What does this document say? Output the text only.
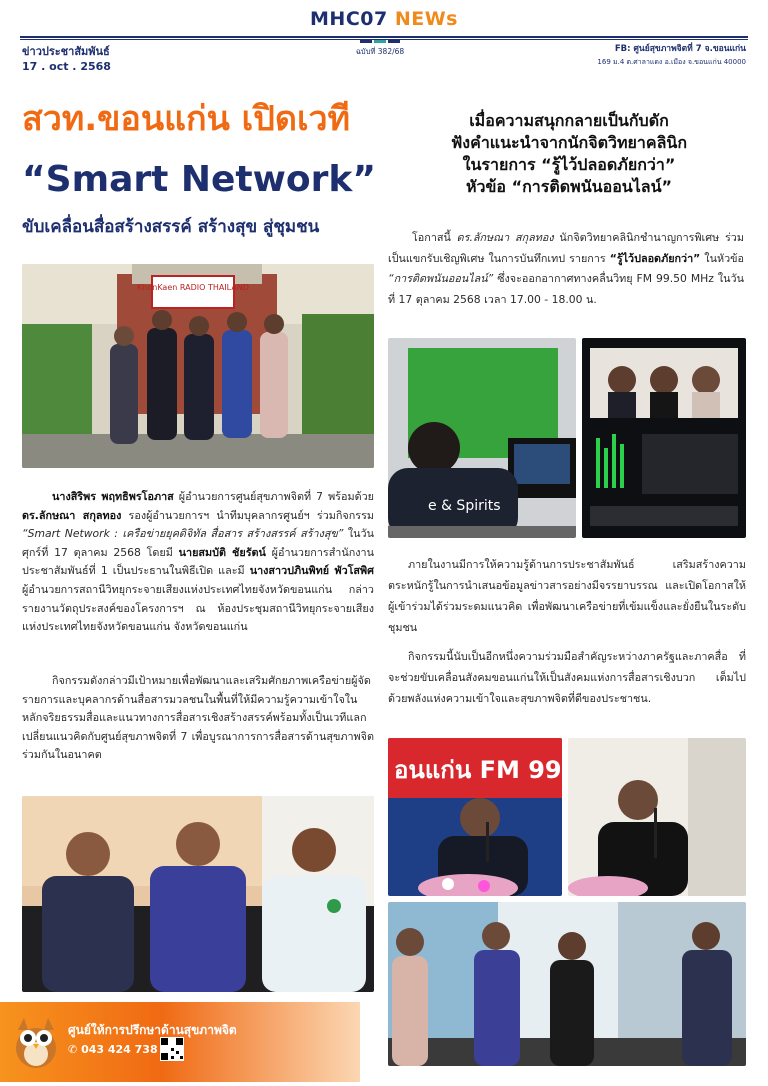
MHC07 NEWs
ข่าวประชาสัมพันธ์
17 . oct . 2568
ฉบับที่ 382/68	FB: ศูนย์สุขภาพจิตที่ 7 จ.ขอนแก่น
169 ม.4 ต.ศาลาแดง อ.เมือง จ.ขอนแก่น 40000
สวท.ขอนแก่น เปิดเวที
“Smart Network”
ขับเคลื่อนสื่อสร้างสรรค์ สร้างสุข สู่ชุมชน
KhonKaen RADIO THAILAND
นางสิริพร พฤทธิพรโอภาส ผู้อำนวยการศูนย์สุขภาพจิตที่ 7 พร้อมด้วย ดร.ลักษณา สกุลทอง รองผู้อำนวยการฯ นำทีมบุคลากรศูนย์ฯ ร่วมกิจกรรม “Smart Network : เครือข่ายยุคดิจิทัล สื่อสาร สร้างสรรค์ สร้างสุข” ในวันศุกร์ที่ 17 ตุลาคม 2568 โดยมี นายสมบัติ ชัยรัตน์ ผู้อำนวยการสำนักงานประชาสัมพันธ์ที่ 1 เป็นประธานในพิธีเปิด และมี นางสาวปภินพิทย์ พัวโสพิศ ผู้อำนวยการสถานีวิทยุกระจายเสียงแห่งประเทศไทยจังหวัดขอนแก่น กล่าวรายงานวัตถุประสงค์ของโครงการฯ ณ ห้องประชุมสถานีวิทยุกระจายเสียงแห่งประเทศไทยจังหวัดขอนแก่น จังหวัดขอนแก่น
กิจกรรมดังกล่าวมีเป้าหมายเพื่อพัฒนาและเสริมศักยภาพเครือข่ายผู้จัดรายการและบุคลากรด้านสื่อสารมวลชนในพื้นที่ให้มีความรู้ความเข้าใจในหลักจริยธรรมสื่อและแนวทางการสื่อสารเชิงสร้างสรรค์พร้อมทั้งเป็นเวทีแลกเปลี่ยนแนวคิดกับศูนย์สุขภาพจิตที่ 7 เพื่อบูรณาการการสื่อสารด้านสุขภาพจิตร่วมกันในอนาคต
เมื่อความสนุกกลายเป็นกับดัก
ฟังคำแนะนำจากนักจิตวิทยาคลินิก
ในรายการ “รู้ไว้ปลอดภัยกว่า”
หัวข้อ “การติดพนันออนไลน์”
โอกาสนี้ ดร.ลักษณา สกุลทอง นักจิตวิทยาคลินิกชำนาญการพิเศษ ร่วมเป็นแขกรับเชิญพิเศษ ในการบันทึกเทป รายการ “รู้ไว้ปลอดภัยกว่า” ในหัวข้อ “การติดพนันออนไลน์” ซึ่งจะออกอากาศทางคลื่นวิทยุ FM 99.50 MHz ในวันที่ 17 ตุลาคม 2568 เวลา 17.00 - 18.00 น.
e & Spirits
ภายในงานมีการให้ความรู้ด้านการประชาสัมพันธ์ เสริมสร้างความตระหนักรู้ในการนำเสนอข้อมูลข่าวสารอย่างมีจรรยาบรรณ และเปิดโอกาสให้ผู้เข้าร่วมได้ร่วมระดมแนวคิด เพื่อพัฒนาเครือข่ายที่เข้มแข็งและยั่งยืนในระดับชุมชน
กิจกรรมนี้นับเป็นอีกหนึ่งความร่วมมือสำคัญระหว่างภาครัฐและภาคสื่อ ที่จะช่วยขับเคลื่อนสังคมขอนแก่นให้เป็นสังคมแห่งการสื่อสารเชิงบวก เต็มไปด้วยพลังแห่งความเข้าใจและสุขภาพจิตที่ดีของประชาชน.
อนแก่น FM 99
ศูนย์ให้การปรึกษาด้านสุขภาพจิต
✆ 043 424 738
